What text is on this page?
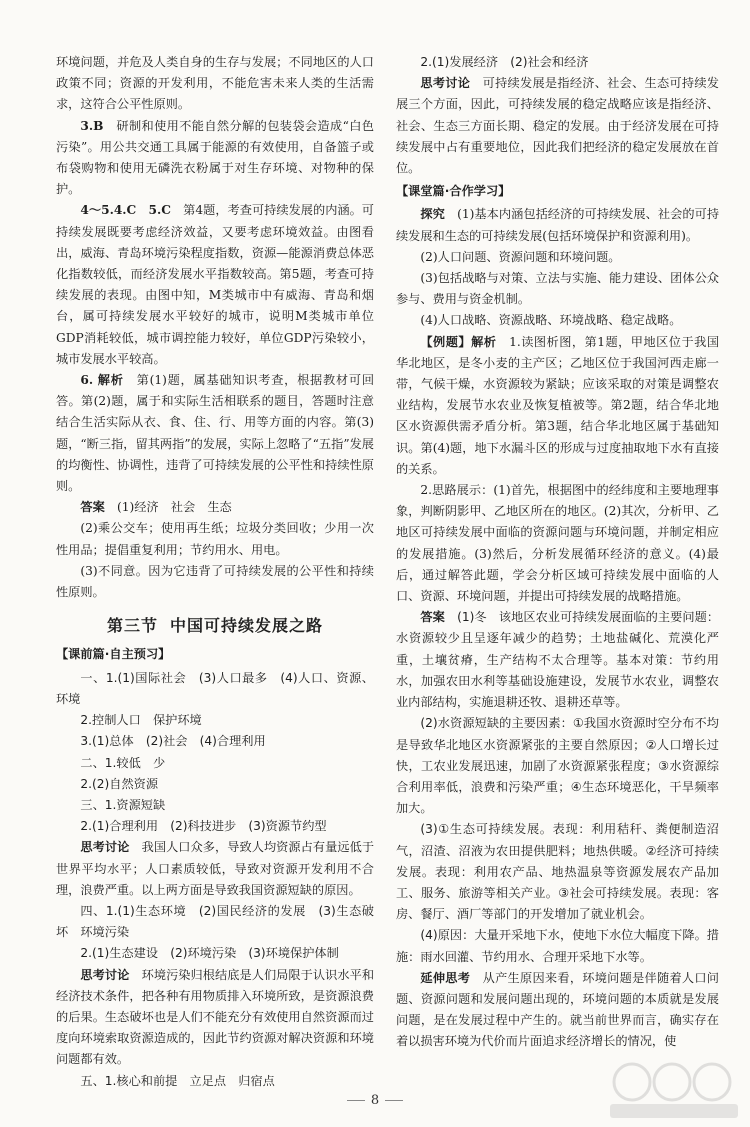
环境问题，并危及人类自身的生存与发展；不同地区的人口政策不同；资源的开发利用，不能危害未来人类的生活需求，这符合公平性原则。

3.B　 研制和使用不能自然分解的包装袋会造成“白色污染”。用公共交通工具属于能源的有效使用，自备篮子或布袋购物和使用无磷洗衣粉属于对生存环境、对物种的保护。

4～5.4.C　5.C　 第4题，考查可持续发展的内涵。可持续发展既要考虑经济效益，又要考虑环境效益。由图看出，威海、青岛环境污染程度指数，资源—能源消费总体恶化指数较低，而经济发展水平指数较高。第5题，考查可持续发展的表现。由图中知，M类城市中有威海、青岛和烟台，属可持续发展水平较好的城市，说明M类城市单位GDP消耗较低，城市调控能力较好，单位GDP污染较小，城市发展水平较高。

6. 解析　 第(1)题，属基础知识考查，根据教材可回答。第(2)题，属于和实际生活相联系的题目，答题时注意结合生活实际从衣、食、住、行、用等方面的内容。第(3)题，“断三指，留其两指”的发展，实际上忽略了“五指”发展的均衡性、协调性，违背了可持续发展的公平性和持续性原则。

答案　 (1)经济　社会　生态

(2)乘公交车；使用再生纸；垃圾分类回收；少用一次性用品；提倡重复利用；节约用水、用电。

(3)不同意。因为它违背了可持续发展的公平性和持续性原则。

第三节 中国可持续发展之路
【课前篇·自主预习】

一、1.(1)国际社会　(3)人口最多　(4)人口、资源、环境

2.控制人口　保护环境

3.(1)总体　(2)社会　(4)合理利用

二、1.较低　少

2.(2)自然资源

三、1.资源短缺

2.(1)合理利用　(2)科技进步　(3)资源节约型

思考讨论　 我国人口众多，导致人均资源占有量远低于世界平均水平；人口素质较低，导致对资源开发利用不合理，浪费严重。以上两方面是导致我国资源短缺的原因。

四、1.(1)生态环境　(2)国民经济的发展　(3)生态破坏　环境污染

2.(1)生态建设　(2)环境污染　(3)环境保护体制

思考讨论　 环境污染归根结底是人们局限于认识水平和经济技术条件，把各种有用物质排入环境所致，是资源浪费的后果。生态破坏也是人们不能充分有效使用自然资源而过度向环境索取资源造成的，因此节约资源对解决资源和环境问题都有效。

五、1.核心和前提　立足点　归宿点

2.(1)发展经济　(2)社会和经济

思考讨论　 可持续发展是指经济、社会、生态可持续发展三个方面，因此，可持续发展的稳定战略应该是指经济、社会、生态三方面长期、稳定的发展。由于经济发展在可持续发展中占有重要地位，因此我们把经济的稳定发展放在首位。

【课堂篇·合作学习】

探究　 (1)基本内涵包括经济的可持续发展、社会的可持续发展和生态的可持续发展(包括环境保护和资源利用)。

(2)人口问题、资源问题和环境问题。

(3)包括战略与对策、立法与实施、能力建设、团体公众参与、费用与资金机制。

(4)人口战略、资源战略、环境战略、稳定战略。

【例题】解析　 1.读图析图，第1题，甲地区位于我国华北地区，是冬小麦的主产区；乙地区位于我国河西走廊一带，气候干燥，水资源较为紧缺；应该采取的对策是调整农业结构，发展节水农业及恢复植被等。第2题，结合华北地区水资源供需矛盾分析。第3题，结合华北地区属于基础知识。第(4)题，地下水漏斗区的形成与过度抽取地下水有直接的关系。

2.思路展示：(1)首先，根据图中的经纬度和主要地理事象，判断阴影甲、乙地区所在的地区。(2)其次，分析甲、乙地区可持续发展中面临的资源问题与环境问题，并制定相应的发展措施。(3)然后，分析发展循环经济的意义。(4)最后，通过解答此题，学会分析区域可持续发展中面临的人口、资源、环境问题，并提出可持续发展的战略措施。

答案　 (1)冬　该地区农业可持续发展面临的主要问题：水资源较少且呈逐年减少的趋势；土地盐碱化、荒漠化严重，土壤贫瘠，生产结构不太合理等。基本对策：节约用水，加强农田水利等基础设施建设，发展节水农业，调整农业内部结构，实施退耕还牧、退耕还草等。

(2)水资源短缺的主要因素：①我国水资源时空分布不均是导致华北地区水资源紧张的主要自然原因；②人口增长过快，工农业发展迅速，加剧了水资源紧张程度；③水资源综合利用率低，浪费和污染严重；④生态环境恶化，干旱频率加大。

(3)①生态可持续发展。表现：利用秸秆、粪便制造沼气，沼渣、沼液为农田提供肥料；地热供暖。②经济可持续发展。表现：利用农产品、地热温泉等资源发展农产品加工、服务、旅游等相关产业。③社会可持续发展。表现：客房、餐厅、酒厂等部门的开发增加了就业机会。

(4)原因：大量开采地下水，使地下水位大幅度下降。措施：雨水回灌、节约用水、合理开采地下水等。

延伸思考　 从产生原因来看，环境问题是伴随着人口问题、资源问题和发展问题出现的，环境问题的本质就是发展问题，是在发展过程中产生的。就当前世界而言，确实存在着以损害环境为代价而片面追求经济增长的情况，使

8
